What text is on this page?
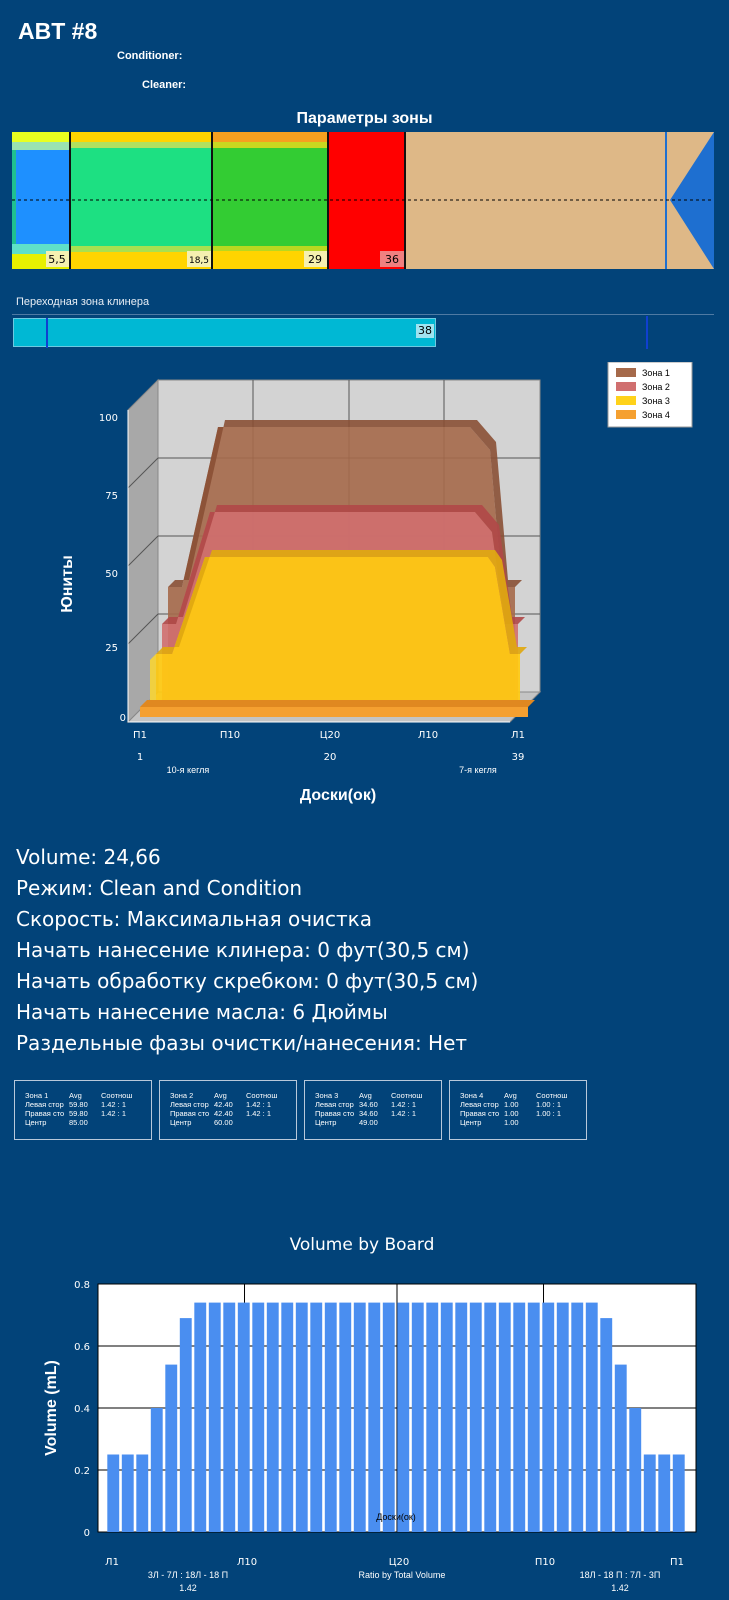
ABT #8
Conditioner:
Cleaner:
Параметры зоны
5,5	18,5	29	36
Переходная зона клинера
38
100
75
50
25
0
Юниты
П1	П10	Ц20	Л10	Л1
1	20	39
10-я кегля	7-я кегля
Доски(ок)
Зона 1
Зона 2
Зона 3
Зона 4
Volume: 24,66
Режим: Clean and Condition
Скорость: Максимальная очистка
Начать нанесение клинера: 0 фут(30,5 см)
Начать обработку скребком: 0 фут(30,5 см)
Начать нанесение масла: 6 Дюймы
Раздельные фазы очистки/нанесения: Нет
Зона 1	Avg	Соотнош
Левая стор 59.80	1.42 : 1
Правая сто 59.80	1.42 : 1
Центр	85.00
Зона 2	Avg	Соотнош
Левая стор 42.40	1.42 : 1
Правая сто 42.40	1.42 : 1
Центр	60.00
Зона 3	Avg	Соотнош
Левая стор 34.60	1.42 : 1
Правая сто 34.60	1.42 : 1
Центр	49.00
Зона 4	Avg	Соотнош
Левая стор 1.00	1.00 : 1
Правая сто 1.00	1.00 : 1
Центр	1.00
Volume by Board
0
0.2
0.4
0.6
0.8
Volume (mL)
Доски(ок)
Л1	Л10	Ц20	П10	П1
3Л - 7Л : 18Л - 18 П
1.42
Ratio by Total Volume	18Л - 18 П : 7Л - 3П
1.42
